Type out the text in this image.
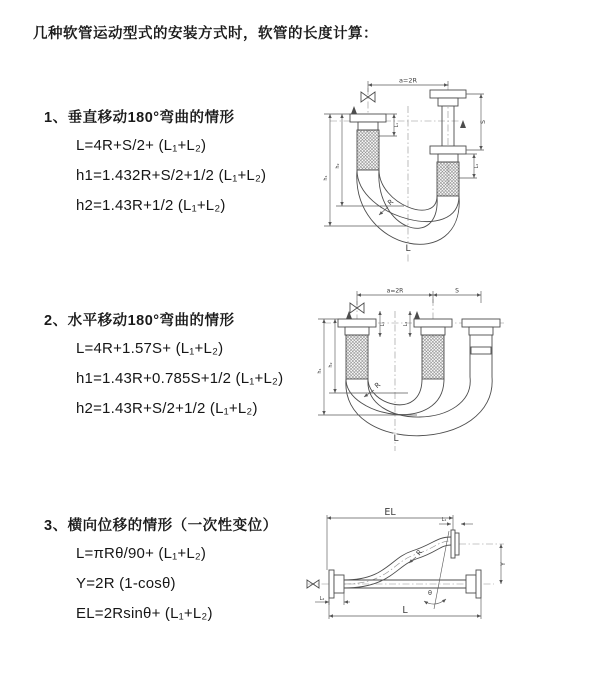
几种软管运动型式的安装方式时，软管的长度计算：
1、垂直移动180°弯曲的情形
L=4R+S/2+ (L₁+L₂)
h1=1.432R+S/2+1/2 (L₁+L₂)
h2=1.43R+1/2 (L₁+L₂)
2、水平移动180°弯曲的情形
L=4R+1.57S+ (L₁+L₂)
h1=1.43R+0.785S+1/2 (L₁+L₂)
h2=1.43R+S/2+1/2 (L₁+L₂)
3、横向位移的情形（一次性变位）
L=πRθ/90+ (L₁+L₂)
Y=2R (1-cosθ)
EL=2Rsinθ+ (L₁+L₂)
a=2R
L₁
S
L₂
h₁
h₂
R
L
a=2R	S
L₁	L₂
h₁
h₂
R
L
EL
L₁
Y
R
θ
L₂
L
